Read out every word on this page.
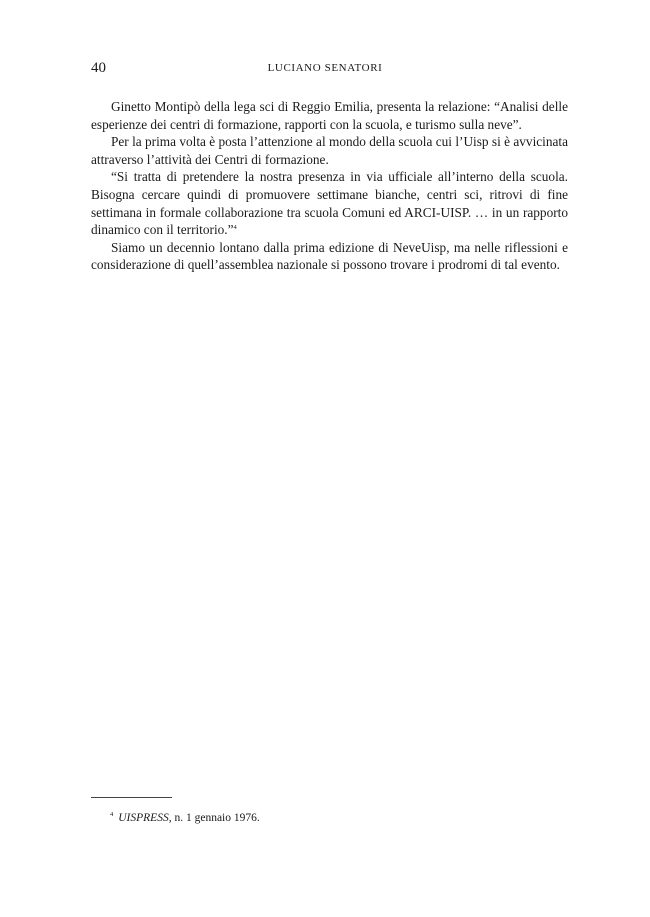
40	LUCIANO SENATORI

Ginetto Montipò della lega sci di Reggio Emilia, presenta la relazione: “Analisi delle esperienze dei centri di formazione, rapporti con la scuola, e turismo sulla neve”.

Per la prima volta è posta l’attenzione al mondo della scuola cui l’Uisp si è avvicinata attraverso l’attività dei Centri di formazione.

“Si tratta di pretendere la nostra presenza in via ufficiale all’interno della scuola. Bisogna cercare quindi di promuovere settimane bianche, centri sci, ritrovi di fine settimana in formale collaborazione tra scuola Comuni ed ARCI-UISP. … in un rapporto dinamico con il territorio.”$^4$

Siamo un decennio lontano dalla prima edizione di NeveUisp, ma nelle riflessioni e considerazione di quell’assemblea nazionale si possono trovare i prodromi di tal evento.

$^4$ UISPRESS, n. 1 gennaio 1976.
